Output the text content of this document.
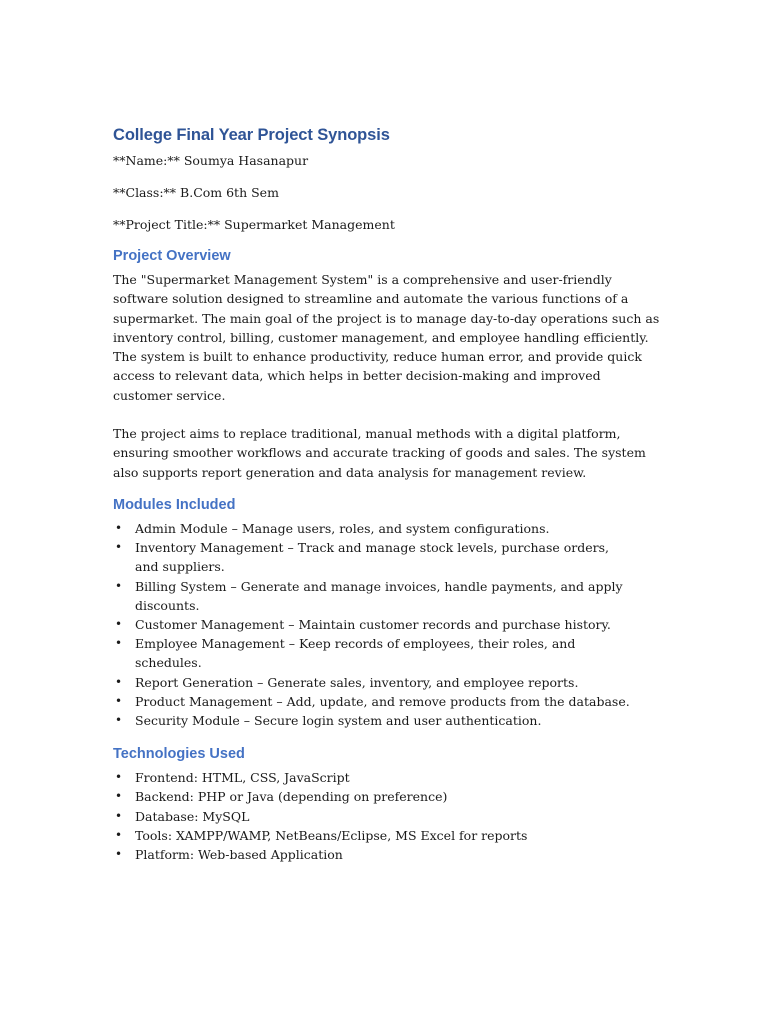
College Final Year Project Synopsis

**Name:** Soumya Hasanapur

**Class:** B.Com 6th Sem

**Project Title:** Supermarket Management

Project Overview

The "Supermarket Management System" is a comprehensive and user-friendly software solution designed to streamline and automate the various functions of a supermarket. The main goal of the project is to manage day-to-day operations such as inventory control, billing, customer management, and employee handling efficiently. The system is built to enhance productivity, reduce human error, and provide quick access to relevant data, which helps in better decision-making and improved customer service.

The project aims to replace traditional, manual methods with a digital platform, ensuring smoother workflows and accurate tracking of goods and sales. The system also supports report generation and data analysis for management review.

Modules Included
• Admin Module – Manage users, roles, and system configurations.
• Inventory Management – Track and manage stock levels, purchase orders, and suppliers.
• Billing System – Generate and manage invoices, handle payments, and apply discounts.
• Customer Management – Maintain customer records and purchase history.
• Employee Management – Keep records of employees, their roles, and schedules.
• Report Generation – Generate sales, inventory, and employee reports.
• Product Management – Add, update, and remove products from the database.
• Security Module – Secure login system and user authentication.
Technologies Used
• Frontend: HTML, CSS, JavaScript
• Backend: PHP or Java (depending on preference)
• Database: MySQL
• Tools: XAMPP/WAMP, NetBeans/Eclipse, MS Excel for reports
• Platform: Web-based Application
